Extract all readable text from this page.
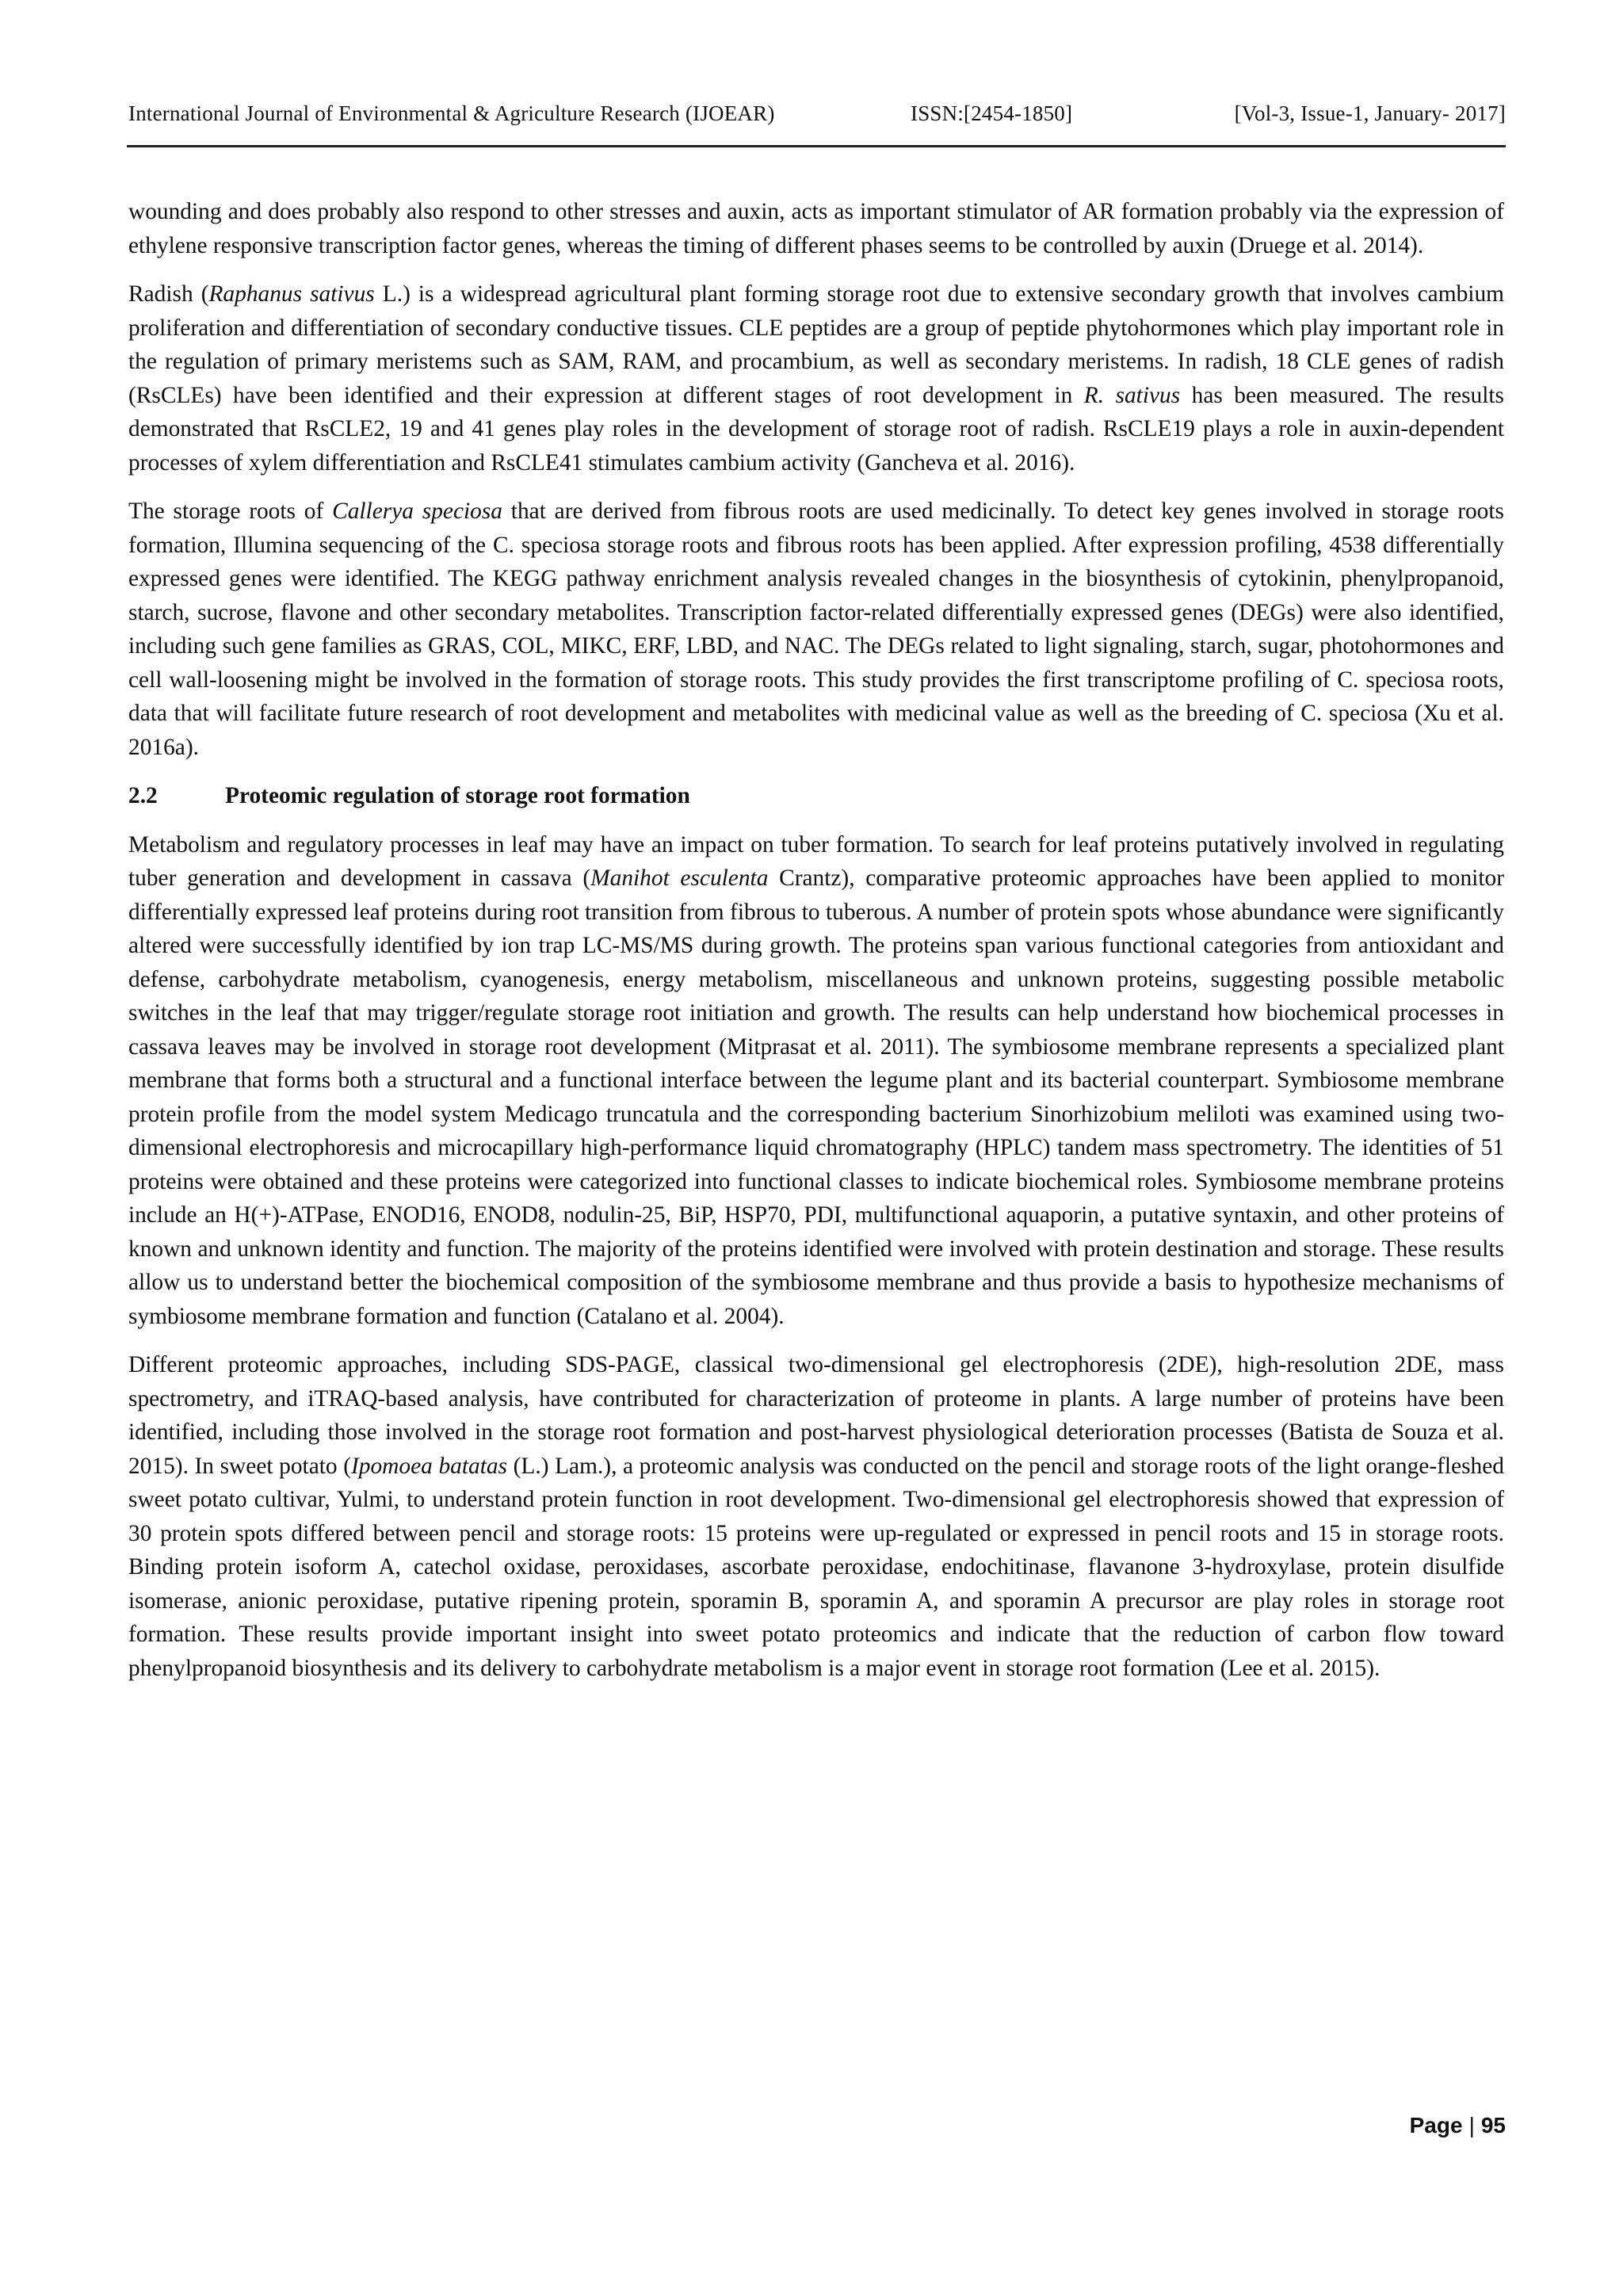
International Journal of Environmental & Agriculture Research (IJOEAR)	ISSN:[2454-1850]	[Vol-3, Issue-1, January- 2017]

wounding and does probably also respond to other stresses and auxin, acts as important stimulator of AR formation probably via the expression of ethylene responsive transcription factor genes, whereas the timing of different phases seems to be controlled by auxin (Druege et al. 2014).

Radish (Raphanus sativus L.) is a widespread agricultural plant forming storage root due to extensive secondary growth that involves cambium proliferation and differentiation of secondary conductive tissues. CLE peptides are a group of peptide phytohormones which play important role in the regulation of primary meristems such as SAM, RAM, and procambium, as well as secondary meristems. In radish, 18 CLE genes of radish (RsCLEs) have been identified and their expression at different stages of root development in R. sativus has been measured. The results demonstrated that RsCLE2, 19 and 41 genes play roles in the development of storage root of radish. RsCLE19 plays a role in auxin-dependent processes of xylem differentiation and RsCLE41 stimulates cambium activity (Gancheva et al. 2016).

The storage roots of Callerya speciosa that are derived from fibrous roots are used medicinally. To detect key genes involved in storage roots formation, Illumina sequencing of the C. speciosa storage roots and fibrous roots has been applied. After expression profiling, 4538 differentially expressed genes were identified. The KEGG pathway enrichment analysis revealed changes in the biosynthesis of cytokinin, phenylpropanoid, starch, sucrose, flavone and other secondary metabolites. Transcription factor-related differentially expressed genes (DEGs) were also identified, including such gene families as GRAS, COL, MIKC, ERF, LBD, and NAC. The DEGs related to light signaling, starch, sugar, photohormones and cell wall-loosening might be involved in the formation of storage roots. This study provides the first transcriptome profiling of C. speciosa roots, data that will facilitate future research of root development and metabolites with medicinal value as well as the breeding of C. speciosa (Xu et al. 2016a).

2.2	Proteomic regulation of storage root formation

Metabolism and regulatory processes in leaf may have an impact on tuber formation. To search for leaf proteins putatively involved in regulating tuber generation and development in cassava (Manihot esculenta Crantz), comparative proteomic approaches have been applied to monitor differentially expressed leaf proteins during root transition from fibrous to tuberous. A number of protein spots whose abundance were significantly altered were successfully identified by ion trap LC-MS/MS during growth. The proteins span various functional categories from antioxidant and defense, carbohydrate metabolism, cyanogenesis, energy metabolism, miscellaneous and unknown proteins, suggesting possible metabolic switches in the leaf that may trigger/regulate storage root initiation and growth. The results can help understand how biochemical processes in cassava leaves may be involved in storage root development (Mitprasat et al. 2011). The symbiosome membrane represents a specialized plant membrane that forms both a structural and a functional interface between the legume plant and its bacterial counterpart. Symbiosome membrane protein profile from the model system Medicago truncatula and the corresponding bacterium Sinorhizobium meliloti was examined using two-dimensional electrophoresis and microcapillary high-performance liquid chromatography (HPLC) tandem mass spectrometry. The identities of 51 proteins were obtained and these proteins were categorized into functional classes to indicate biochemical roles. Symbiosome membrane proteins include an H(+)-ATPase, ENOD16, ENOD8, nodulin-25, BiP, HSP70, PDI, multifunctional aquaporin, a putative syntaxin, and other proteins of known and unknown identity and function. The majority of the proteins identified were involved with protein destination and storage. These results allow us to understand better the biochemical composition of the symbiosome membrane and thus provide a basis to hypothesize mechanisms of symbiosome membrane formation and function (Catalano et al. 2004).

Different proteomic approaches, including SDS-PAGE, classical two-dimensional gel electrophoresis (2DE), high-resolution 2DE, mass spectrometry, and iTRAQ-based analysis, have contributed for characterization of proteome in plants. A large number of proteins have been identified, including those involved in the storage root formation and post-harvest physiological deterioration processes (Batista de Souza et al. 2015). In sweet potato (Ipomoea batatas (L.) Lam.), a proteomic analysis was conducted on the pencil and storage roots of the light orange-fleshed sweet potato cultivar, Yulmi, to understand protein function in root development. Two-dimensional gel electrophoresis showed that expression of 30 protein spots differed between pencil and storage roots: 15 proteins were up-regulated or expressed in pencil roots and 15 in storage roots. Binding protein isoform A, catechol oxidase, peroxidases, ascorbate peroxidase, endochitinase, flavanone 3-hydroxylase, protein disulfide isomerase, anionic peroxidase, putative ripening protein, sporamin B, sporamin A, and sporamin A precursor are play roles in storage root formation. These results provide important insight into sweet potato proteomics and indicate that the reduction of carbon flow toward phenylpropanoid biosynthesis and its delivery to carbohydrate metabolism is a major event in storage root formation (Lee et al. 2015).

Page | 95
